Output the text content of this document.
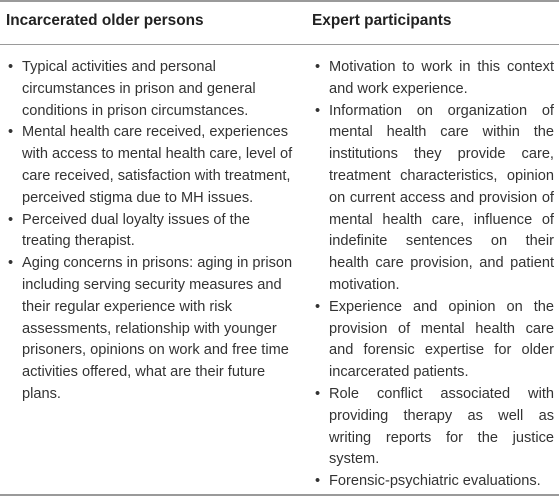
Incarcerated older persons	Expert participants
• Typical activities and personal circumstances in prison and general conditions in prison circumstances.
• Mental health care received, experiences with access to mental health care, level of care received, satisfaction with treatment, perceived stigma due to MH issues.
• Perceived dual loyalty issues of the treating therapist.
• Aging concerns in prisons: aging in prison including serving security measures and their regular experience with risk assessments, relationship with younger prisoners, opinions on work and free time activities offered, what are their future plans.
• Motivation to work in this context and work experience.
• Information on organization of mental health care within the institutions they provide care, treatment characteristics, opinion on current access and provision of mental health care, influence of indefinite sentences on their health care provision, and patient motivation.
• Experience and opinion on the provision of mental health care and forensic expertise for older incarcerated patients.
• Role conflict associated with providing therapy as well as writing reports for the justice system.
• Forensic-psychiatric evaluations.
